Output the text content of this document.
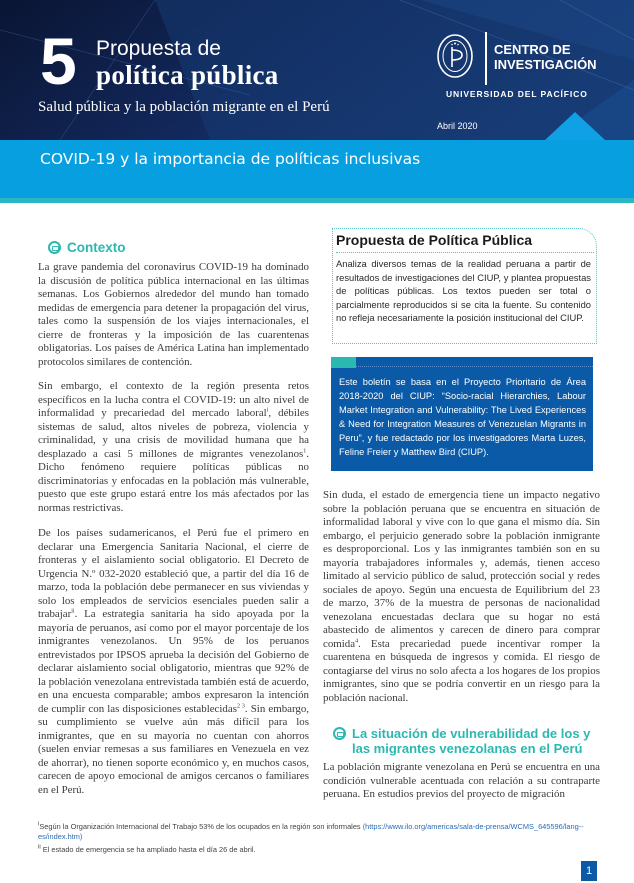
5 Propuesta de
política pública
Salud pública y la población migrante en el Perú
CENTRO DE
INVESTIGACIÓN
UNIVERSIDAD DEL PACÍFICO
Abril 2020
COVID-19 y la importancia de políticas inclusivas
Contexto

La grave pandemia del coronavirus COVID-19 ha dominado la discusión de política pública internacional en las últimas semanas. Los Gobiernos alrededor del mundo han tomado medidas de emergencia para detener la propagación del virus, tales como la suspensión de los viajes internacionales, el cierre de fronteras y la imposición de las cuarentenas obligatorias. Los países de América Latina han implementado protocolos similares de contención.

Sin embargo, el contexto de la región presenta retos específicos en la lucha contra el COVID-19: un alto nivel de informalidad y precariedad del mercado laboral$^i$, débiles sistemas de salud, altos niveles de pobreza, violencia y criminalidad, y una crisis de movilidad humana que ha desplazado a casi 5 millones de migrantes venezolanos$^1$. Dicho fenómeno requiere políticas públicas no discriminatorias y enfocadas en la población más vulnerable, puesto que este grupo estará entre los más afectados por las normas restrictivas.

De los países sudamericanos, el Perú fue el primero en declarar una Emergencia Sanitaria Nacional, el cierre de fronteras y el aislamiento social obligatorio. El Decreto de Urgencia N.º 032-2020 estableció que, a partir del día 16 de marzo, toda la población debe permanecer en sus viviendas y solo los empleados de servicios esenciales pueden salir a trabajar$^{ii}$. La estrategia sanitaria ha sido apoyada por la mayoría de peruanos, así como por el mayor porcentaje de los inmigrantes venezolanos. Un 95% de los peruanos entrevistados por IPSOS aprueba la decisión del Gobierno de declarar aislamiento social obligatorio, mientras que 92% de la población venezolana entrevistada también está de acuerdo, en una encuesta comparable; ambos expresaron la intención de cumplir con las disposiciones establecidas$^{2 3}$. Sin embargo, su cumplimiento se vuelve aún más difícil para los inmigrantes, que en su mayoría no cuentan con ahorros (suelen enviar remesas a sus familiares en Venezuela en vez de ahorrar), no tienen soporte económico y, en muchos casos, carecen de apoyo emocional de amigos cercanos o familiares en el Perú.

Propuesta de Política Pública

Analiza diversos temas de la realidad peruana a partir de resultados de investigaciones del CIUP, y plantea propuestas de políticas públicas. Los textos pueden ser total o parcialmente reproducidos si se cita la fuente. Su contenido no refleja necesariamente la posición institucional del CIUP.

Este boletín se basa en el Proyecto Prioritario de Área 2018-2020 del CIUP: “Socio-racial Hierarchies, Labour Market Integration and Vulnerability: The Lived Experiences & Need for Integration Measures of Venezuelan Migrants in Peru”, y fue redactado por los investigadores Marta Luzes, Feline Freier y Matthew Bird (CIUP).

Sin duda, el estado de emergencia tiene un impacto negativo sobre la población peruana que se encuentra en situación de informalidad laboral y vive con lo que gana el mismo día. Sin embargo, el perjuicio generado sobre la población inmigrante es desproporcional. Los y las inmigrantes también son en su mayoría trabajadores informales y, además, tienen acceso limitado al servicio público de salud, protección social y redes sociales de apoyo. Según una encuesta de Equilibrium del 23 de marzo, 37% de la muestra de personas de nacionalidad venezolana encuestadas declara que su hogar no está abastecido de alimentos y carecen de dinero para comprar comida$^4$. Esta precariedad puede incentivar romper la cuarentena en búsqueda de ingresos y comida. El riesgo de contagiarse del virus no solo afecta a los hogares de los propios inmigrantes, sino que se podría convertir en un riesgo para la población nacional.

La situación de vulnerabilidad de los y las migrantes venezolanas en el Perú

La población migrante venezolana en Perú se encuentra en una condición vulnerable acentuada con relación a su contraparte peruana. En estudios previos del proyecto de migración

$^i$Según la Organización Internacional del Trabajo 53% de los ocupados en la región son informales (https://www.ilo.org/americas/sala-de-prensa/WCMS_645596/lang--es/index.htm)
$^{ii}$ El estado de emergencia se ha ampliado hasta el día 26 de abril.
1
